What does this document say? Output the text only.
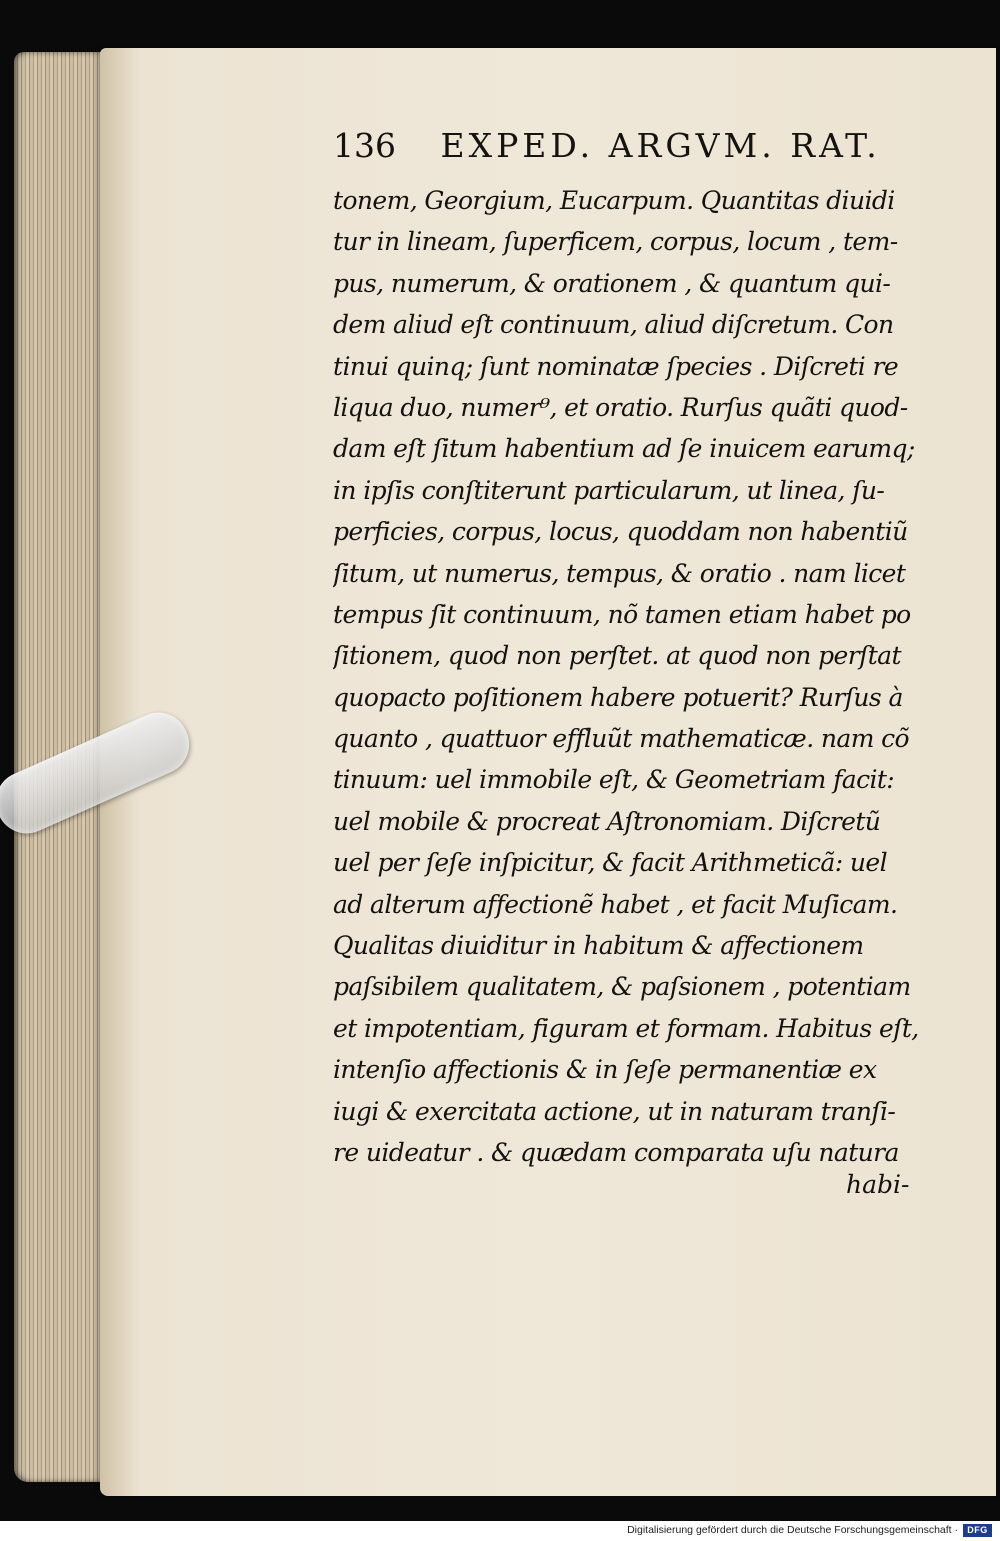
136 EXPED. ARGVM. RAT.
tonem, Georgium, Eucarpum. Quantitas diuidi
tur in lineam, ſuperficem, corpus, locum , tem-
pus, numerum, & orationem , & quantum qui-
dem aliud eſt continuum, aliud diſcretum. Con
tinui quinq; ſunt nominatæ ſpecies . Diſcreti re
liqua duo, numer⁹, et oratio. Rurſus quãti quod-
dam eſt ſitum habentium ad ſe inuicem earumq;
in ipſis conſtiterunt particularum, ut linea, ſu-
perficies, corpus, locus, quoddam non habentiũ
ſitum, ut numerus, tempus, & oratio . nam licet
tempus ſit continuum, nõ tamen etiam habet po
ſitionem, quod non perſtet. at quod non perſtat
quopacto poſitionem habere potuerit? Rurſus à
quanto , quattuor effluũt mathematicæ. nam cõ
tinuum: uel immobile eſt, & Geometriam facit:
uel mobile & procreat Aſtronomiam. Diſcretũ
uel per ſeſe inſpicitur, & facit Arithmeticã: uel
ad alterum affectionẽ habet , et facit Muſicam.
Qualitas diuiditur in habitum & affectionem
paſsibilem qualitatem, & paſsionem , potentiam
et impotentiam, figuram et formam. Habitus eſt,
intenſio affectionis & in ſeſe permanentiæ ex
iugi & exercitata actione, ut in naturam tranſi-
re uideatur . & quædam comparata uſu natura
habi-
Digitalisierung gefördert durch die Deutsche Forschungsgemeinschaft ·	DFG
